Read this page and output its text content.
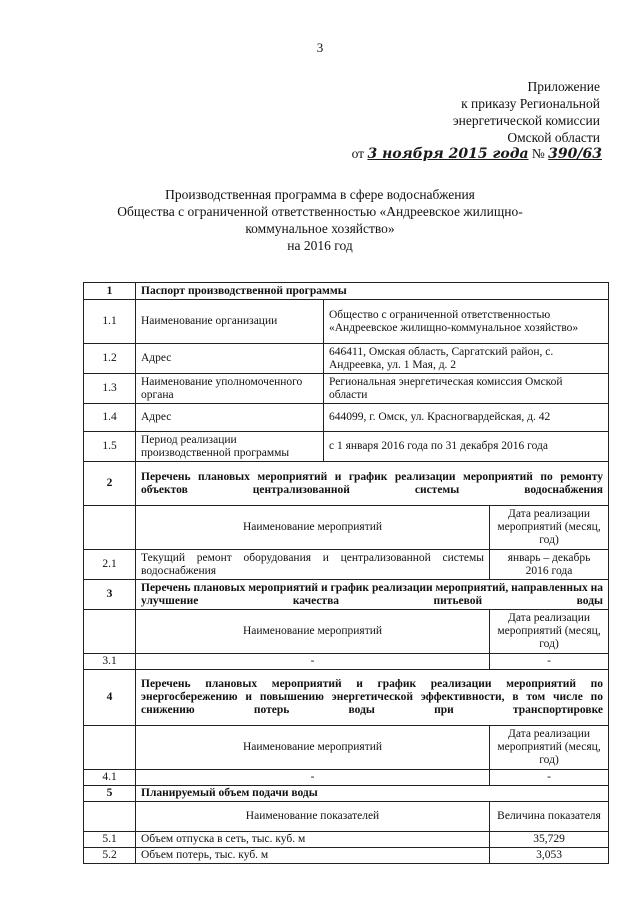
3
Приложение
к приказу Региональной
энергетической комиссии
Омской области
от 3 ноября 2015 года № 390/63
Производственная программа в сфере водоснабжения
Общества с ограниченной ответственностью «Андреевское жилищно-
коммунальное хозяйство»
на 2016 год
1	Паспорт производственной программы		
1.1	Наименование организации	Общество с ограниченной ответственностью «Андреевское жилищно-коммунальное хозяйство»	
1.2	Адрес	646411, Омская область, Саргатский район, с. Андреевка, ул. 1 Мая, д. 2	
1.3	Наименование уполномоченного органа	Региональная энергетическая комиссия Омской области	
1.4	Адрес	644099, г. Омск, ул. Красногвардейская, д. 42	
1.5	Период реализации производственной программы	с 1 января 2016 года по 31 декабря 2016 года	
2	Перечень плановых мероприятий и график реализации мероприятий по ремонту объектов централизованной системы водоснабжения		
	Наименование мероприятий		Дата реализации мероприятий (месяц, год)
2.1	Текущий ремонт оборудования и централизованной системы водоснабжения		январь – декабрь 2016 года
3	Перечень плановых мероприятий и график реализации мероприятий, направленных на улучшение качества питьевой воды		
	Наименование мероприятий		Дата реализации мероприятий (месяц, год)
3.1	-		-
4	Перечень плановых мероприятий и график реализации мероприятий по энергосбережению и повышению энергетической эффективности, в том числе по снижению потерь воды при транспортировке		
	Наименование мероприятий		Дата реализации мероприятий (месяц, год)
4.1	-		-
5	Планируемый объем подачи воды		
	Наименование показателей		Величина показателя
5.1	Объем отпуска в сеть, тыс. куб. м		35,729
5.2	Объем потерь, тыс. куб. м		3,053
